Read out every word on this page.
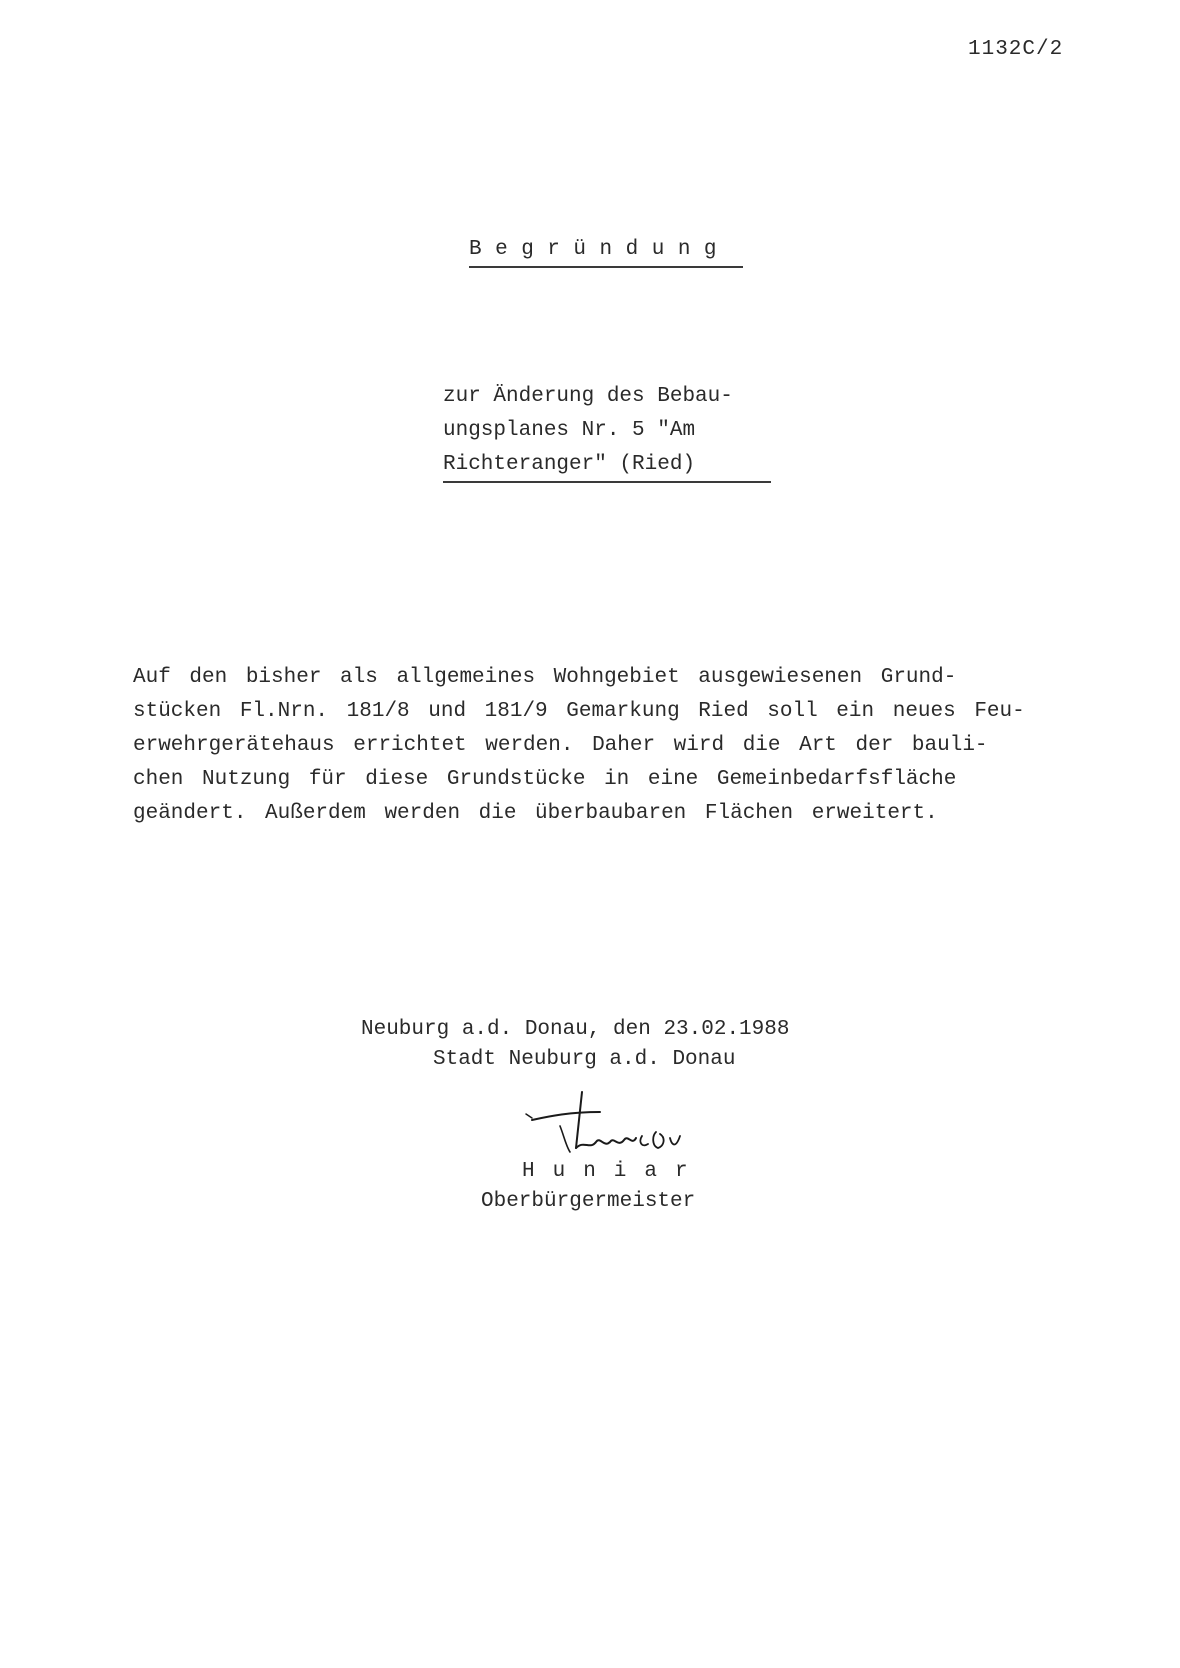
1132C/2
Begründung
zur Änderung des Bebau-
ungsplanes Nr. 5 "Am
Richteranger" (Ried)
Auf den bisher als allgemeines Wohngebiet ausgewiesenen Grund-
stücken Fl.Nrn. 181/8 und 181/9 Gemarkung Ried soll ein neues Feu-
erwehrgerätehaus errichtet werden. Daher wird die Art der bauli-
chen Nutzung für diese Grundstücke in eine Gemeinbedarfsfläche
geändert. Außerdem werden die überbaubaren Flächen erweitert.
Neuburg a.d. Donau, den 23.02.1988
Stadt Neuburg a.d. Donau
Huniar
Oberbürgermeister
